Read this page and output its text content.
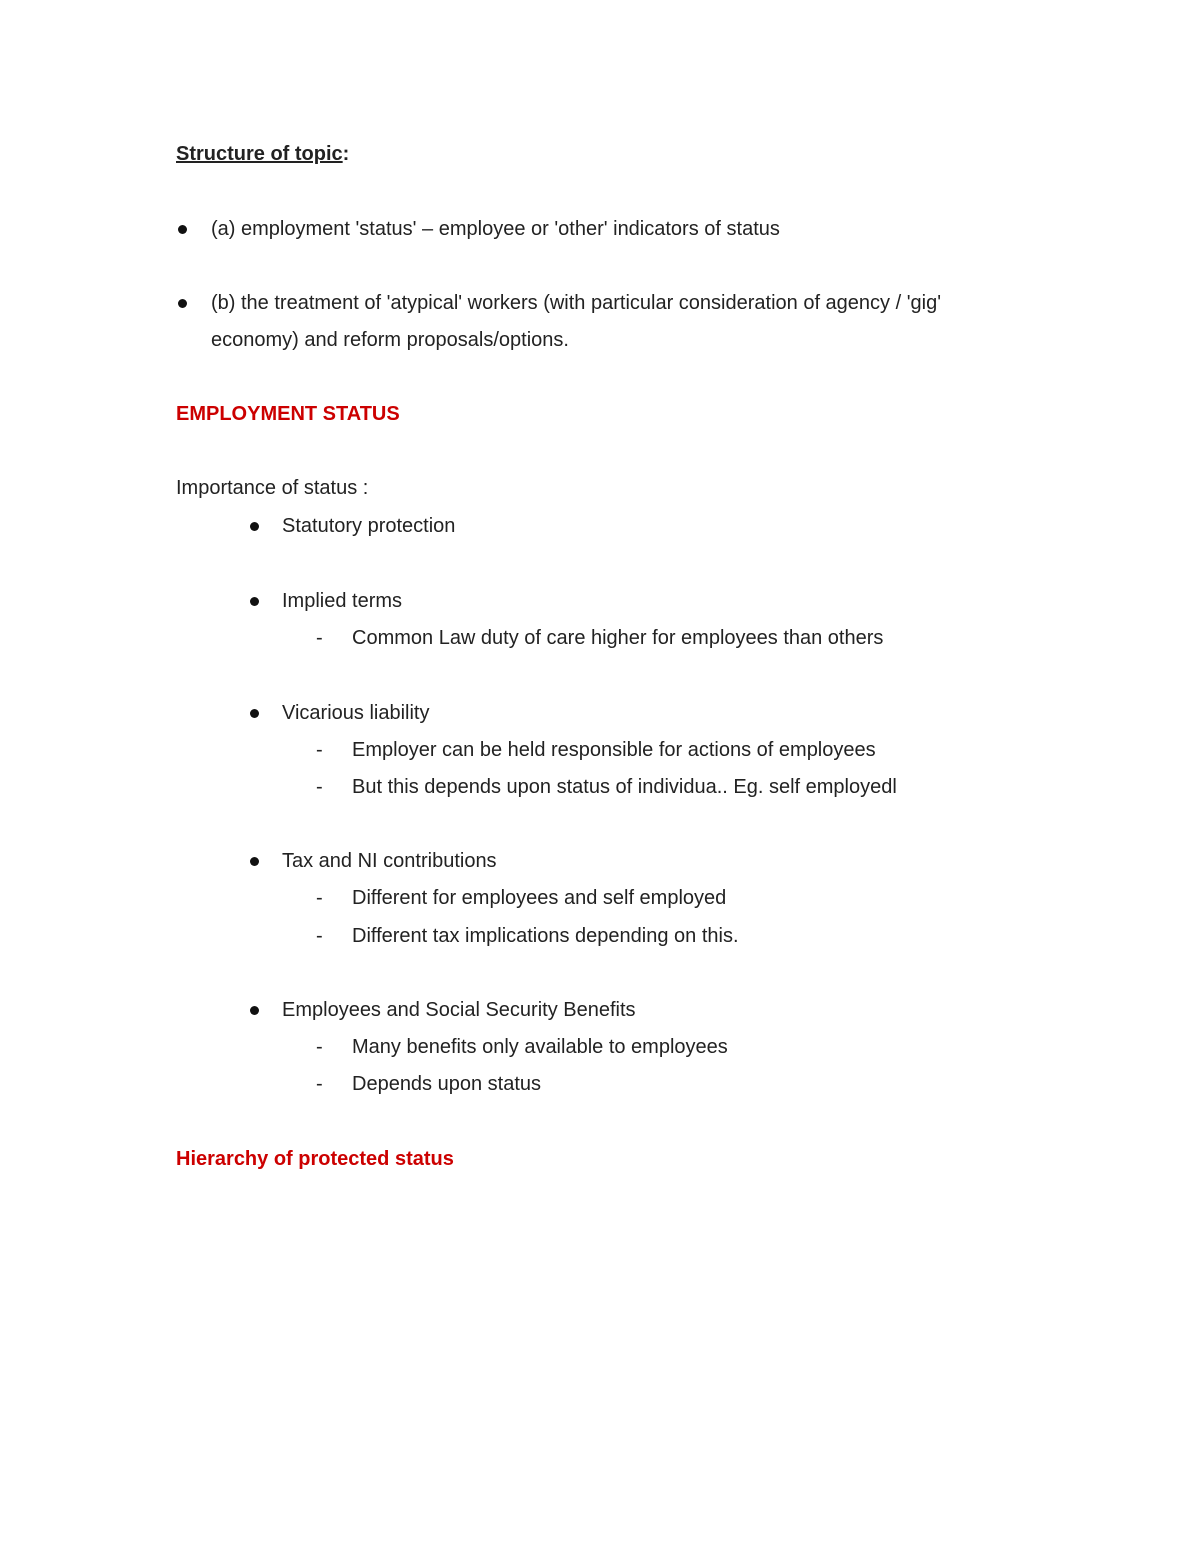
Structure of topic:
(a) employment 'status' – employee or 'other' indicators of status
(b) the treatment of 'atypical' workers (with particular consideration of agency / 'gig'
economy) and reform proposals/options.
EMPLOYMENT STATUS
Importance of status :
Statutory protection
Implied terms
- Common Law duty of care higher for employees than others
Vicarious liability
- Employer can be held responsible for actions of employees
- But this depends upon status of individua.. Eg. self employedl
Tax and NI contributions
- Different for employees and self employed
- Different tax implications depending on this.
Employees and Social Security Benefits
- Many benefits only available to employees
- Depends upon status
Hierarchy of protected status
